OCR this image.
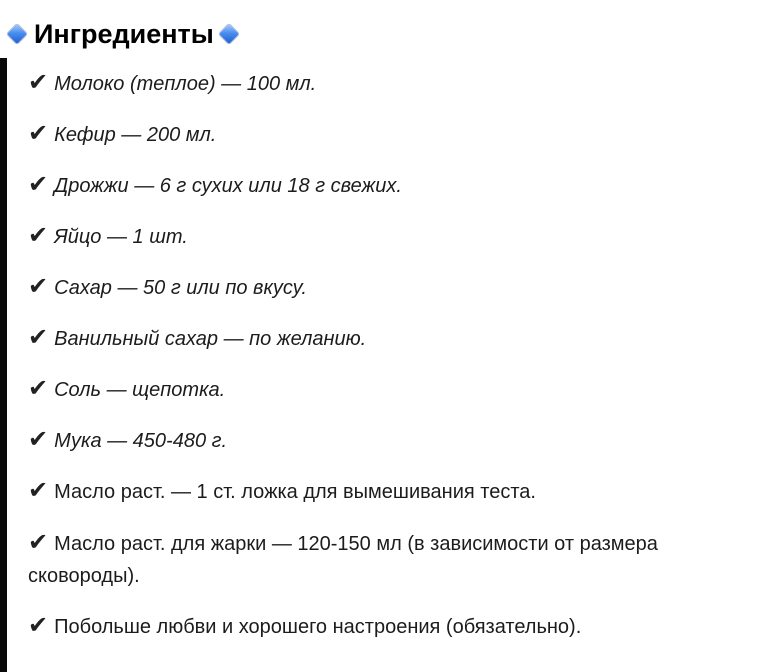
Ингредиенты
✔ Молоко (теплое) — 100 мл.
✔ Кефир — 200 мл.
✔ Дрожжи — 6 г сухих или 18 г свежих.
✔ Яйцо — 1 шт.
✔ Сахар — 50 г или по вкусу.
✔ Ванильный сахар — по желанию.
✔ Соль — щепотка.
✔ Мука — 450-480 г.
✔ Масло раст. — 1 ст. ложка для вымешивания теста.
✔ Масло раст. для жарки — 120-150 мл (в зависимости от размера сковороды).
✔ Побольше любви и хорошего настроения (обязательно).
